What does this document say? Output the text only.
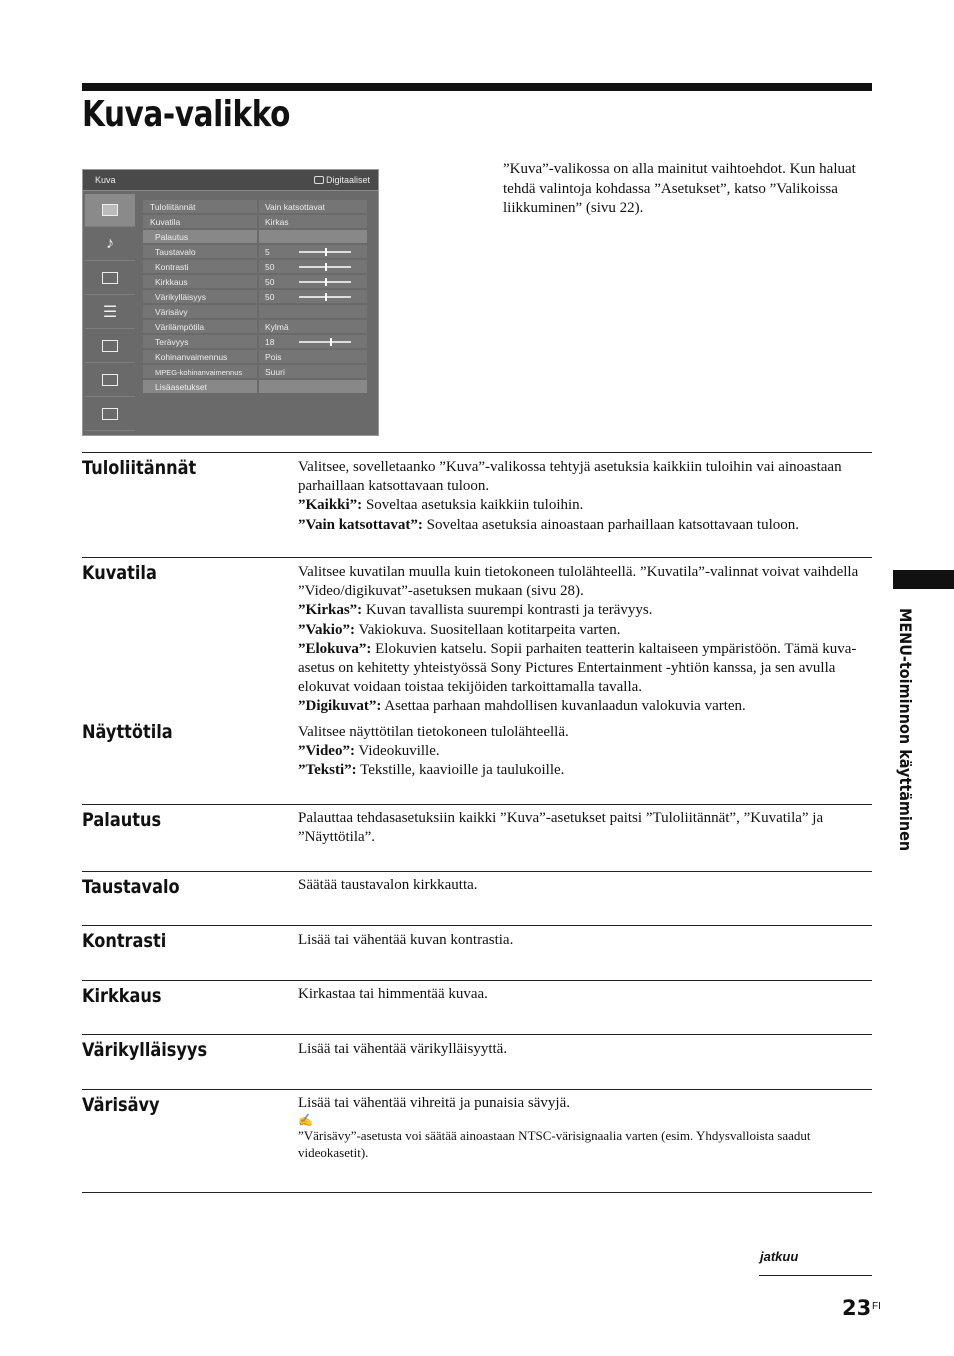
Kuva-valikko
”Kuva”-valikossa on alla mainitut vaihtoehdot. Kun haluat tehdä valintoja kohdassa ”Asetukset”, katso ”Valikoissa liikkuminen” (sivu 22).
Kuva	Digitaaliset
♪
☰
Tuloliitännät	Vain katsottavat
Kuvatila	Kirkas
Palautus
Taustavalo	5
Kontrasti	50
Kirkkaus	50
Värikylläisyys	50
Värisävy
Värilämpötila	Kylmä
Terävyys	18
Kohinanvaimennus	Pois
MPEG-kohinanvaimennus	Suuri
Lisäasetukset
Tuloliitännät	Valitsee, sovelletaanko ”Kuva”-valikossa tehtyjä asetuksia kaikkiin tuloihin vai ainoastaan parhaillaan katsottavaan tuloon.
”Kaikki”: Soveltaa asetuksia kaikkiin tuloihin.
”Vain katsottavat”: Soveltaa asetuksia ainoastaan parhaillaan katsottavaan tuloon.
Kuvatila	Valitsee kuvatilan muulla kuin tietokoneen tulolähteellä. ”Kuvatila”-valinnat voivat vaihdella ”Video/digikuvat”-asetuksen mukaan (sivu 28).
”Kirkas”: Kuvan tavallista suurempi kontrasti ja terävyys.
”Vakio”: Vakiokuva. Suositellaan kotitarpeita varten.
”Elokuva”: Elokuvien katselu. Sopii parhaiten teatterin kaltaiseen ympäristöön. Tämä kuva-asetus on kehitetty yhteistyössä Sony Pictures Entertainment -yhtiön kanssa, ja sen avulla elokuvat voidaan toistaa tekijöiden tarkoittamalla tavalla.
”Digikuvat”: Asettaa parhaan mahdollisen kuvanlaadun valokuvia varten.
Näyttötila	Valitsee näyttötilan tietokoneen tulolähteellä.
”Video”: Videokuville.
”Teksti”: Tekstille, kaavioille ja taulukoille.
Palautus	Palauttaa tehdasasetuksiin kaikki ”Kuva”-asetukset paitsi ”Tuloliitännät”, ”Kuvatila” ja ”Näyttötila”.
Taustavalo	Säätää taustavalon kirkkautta.
Kontrasti	Lisää tai vähentää kuvan kontrastia.
Kirkkaus	Kirkastaa tai himmentää kuvaa.
Värikylläisyys	Lisää tai vähentää värikylläisyyttä.
Värisävy	Lisää tai vähentää vihreitä ja punaisia sävyjä.
✍
”Värisävy”-asetusta voi säätää ainoastaan NTSC-värisignaalia varten (esim. Yhdysvalloista saadut videokasetit).
MENU-toiminnon käyttäminen
jatkuu
23 FI
